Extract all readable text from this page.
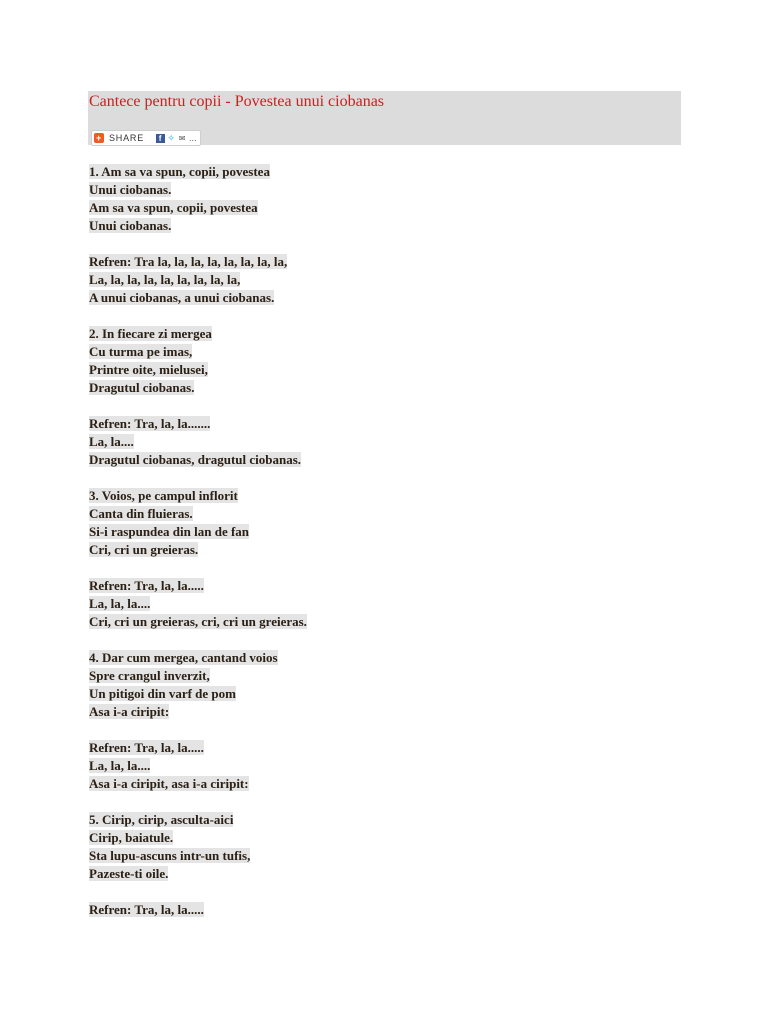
Cantece pentru copii - Povestea unui ciobanas
+ SHARE	f ✧ ✉ ...
1. Am sa va spun, copii, povestea
Unui ciobanas.
Am sa va spun, copii, povestea
Unui ciobanas.
Refren: Tra la, la, la, la, la, la, la, la,
La, la, la, la, la, la, la, la, la,
A unui ciobanas, a unui ciobanas.
2. In fiecare zi mergea
Cu turma pe imas,
Printre oite, mielusei,
Dragutul ciobanas.
Refren: Tra, la, la.......
La, la....
Dragutul ciobanas, dragutul ciobanas.
3. Voios, pe campul inflorit
Canta din fluieras.
Si-i raspundea din lan de fan
Cri, cri un greieras.
Refren: Tra, la, la.....
La, la, la....
Cri, cri un greieras, cri, cri un greieras.
4. Dar cum mergea, cantand voios
Spre crangul inverzit,
Un pitigoi din varf de pom
Asa i-a ciripit:
Refren: Tra, la, la.....
La, la, la....
Asa i-a ciripit, asa i-a ciripit:
5. Cirip, cirip, asculta-aici
Cirip, baiatule.
Sta lupu-ascuns intr-un tufis,
Pazeste-ti oile.
Refren: Tra, la, la.....
